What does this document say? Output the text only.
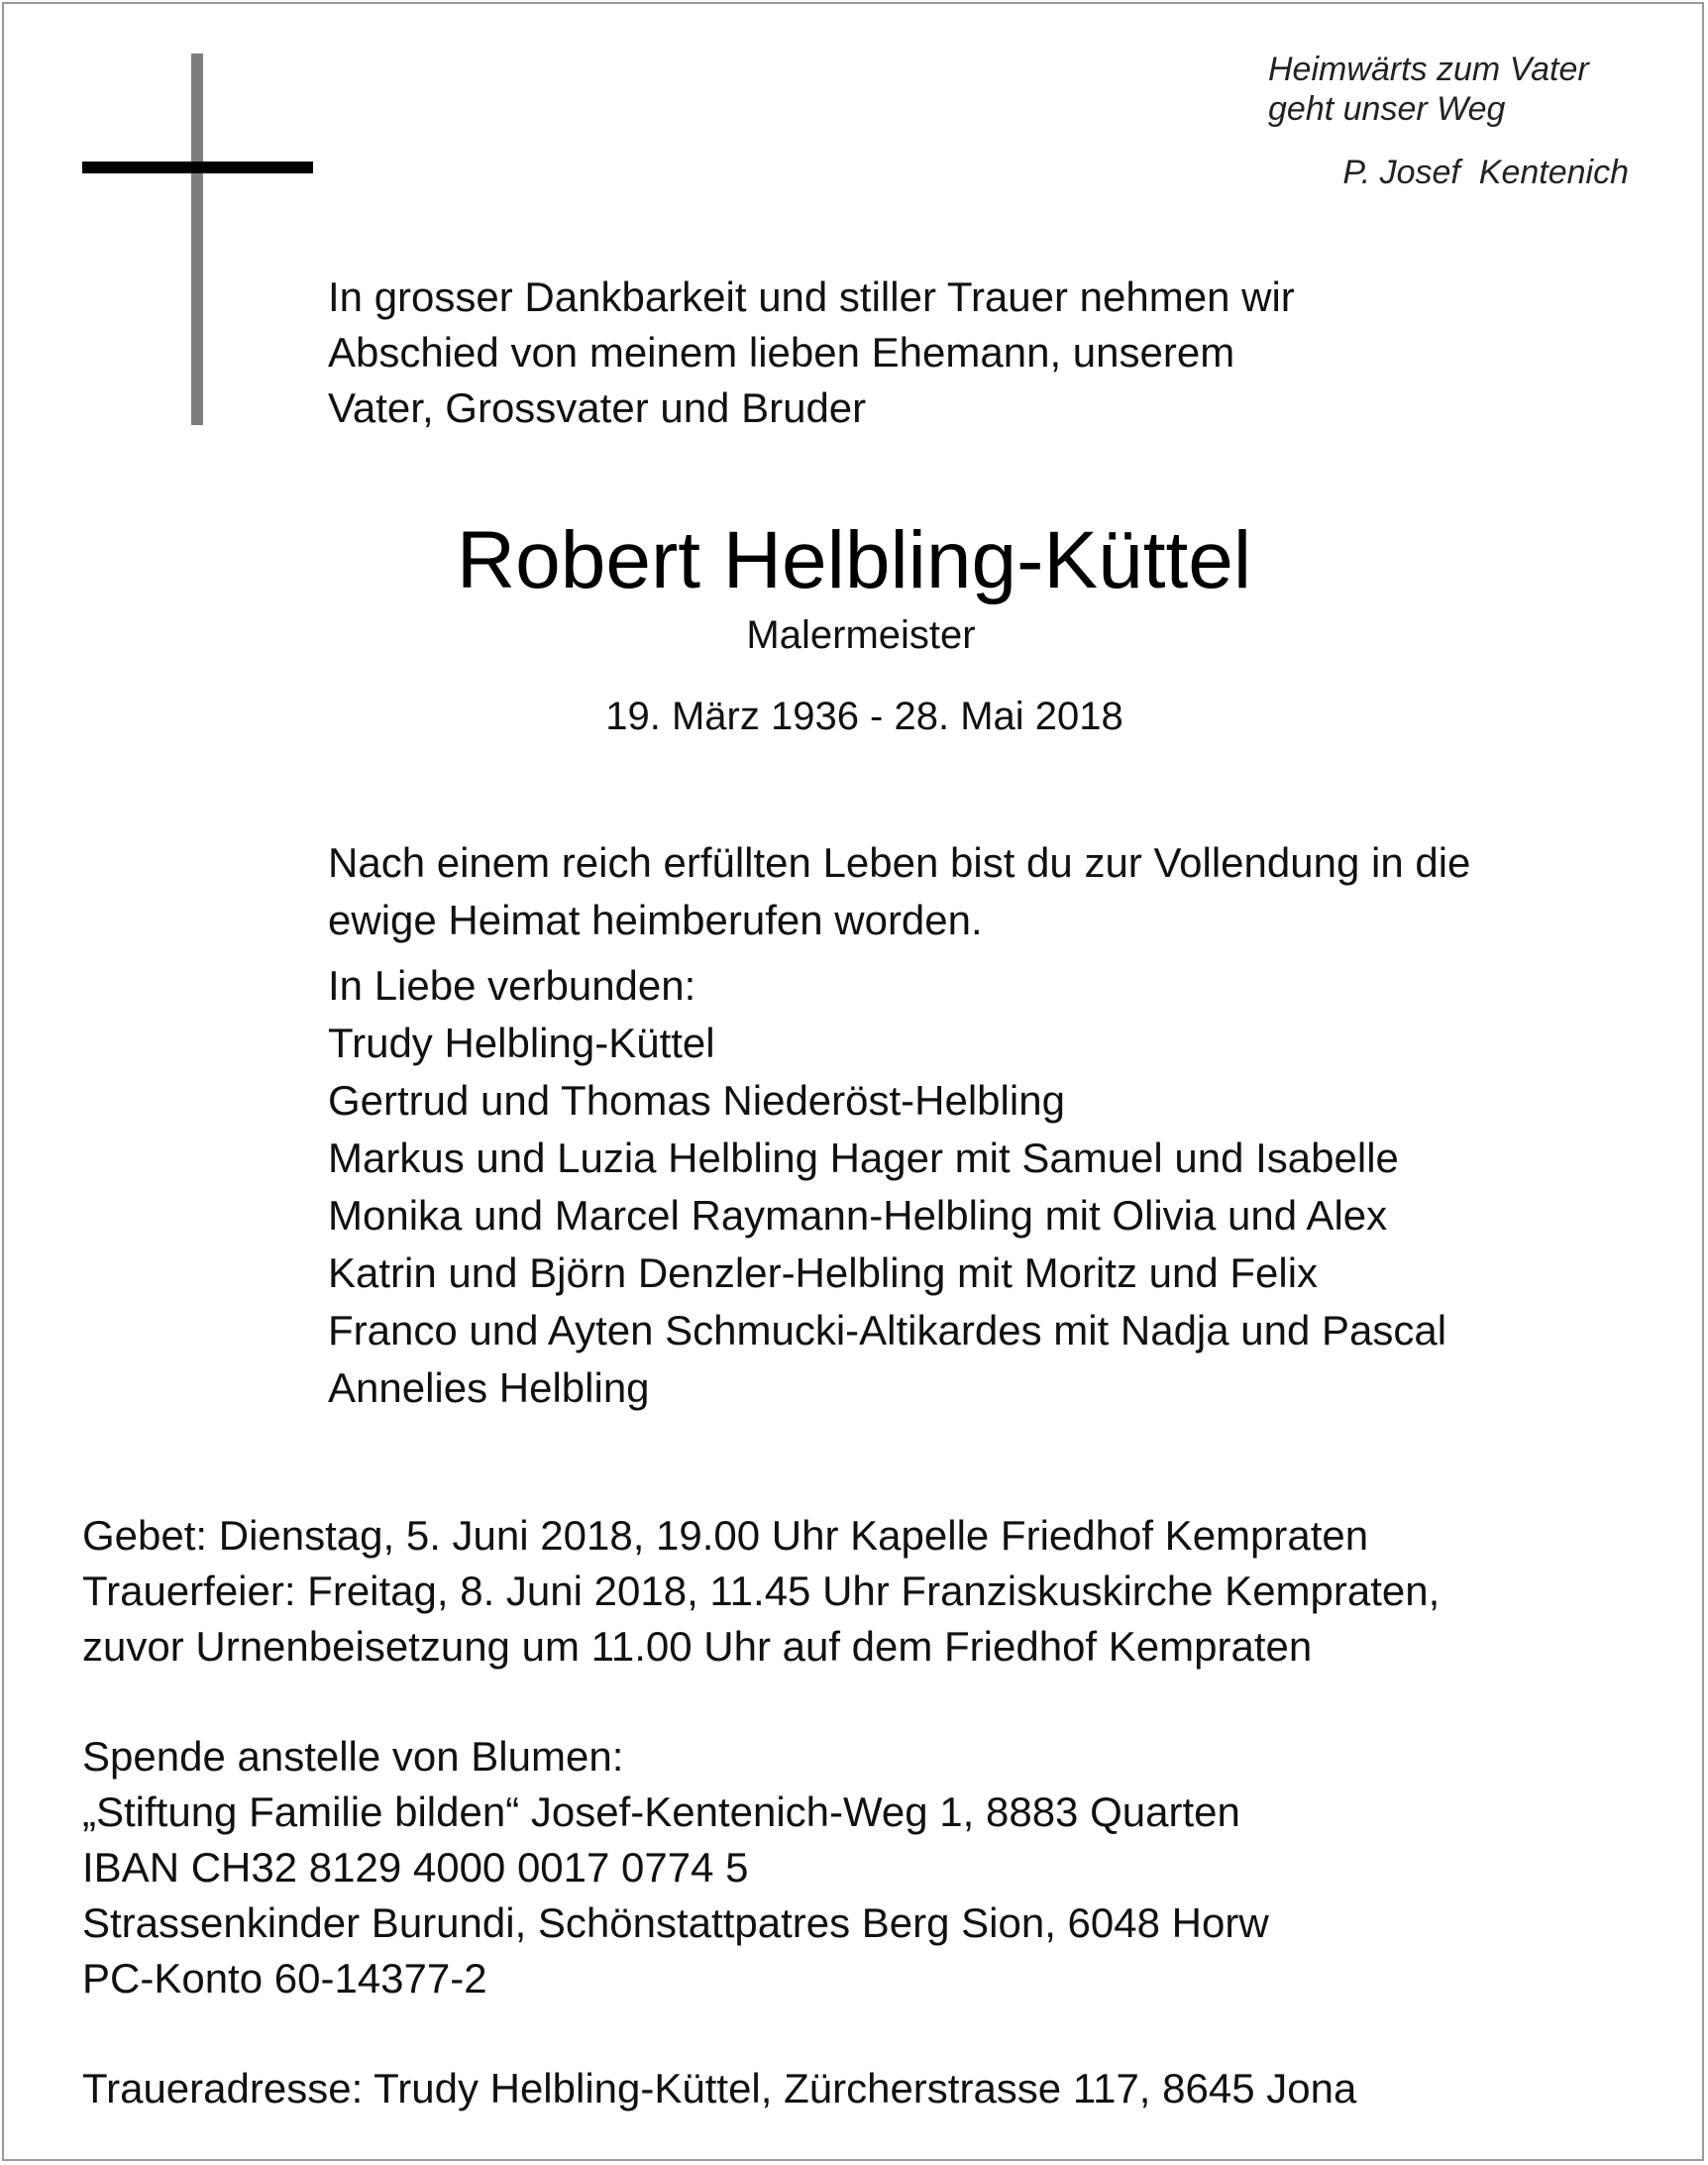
Heimwärts zum Vater
geht unser Weg
P. Josef  Kentenich
In grosser Dankbarkeit und stiller Trauer nehmen wir
Abschied von meinem lieben Ehemann, unserem
Vater, Grossvater und Bruder
Robert Helbling-Küttel
Malermeister
19. März 1936 - 28. Mai 2018
Nach einem reich erfüllten Leben bist du zur Vollendung in die
ewige Heimat heimberufen worden.
In Liebe verbunden:
Trudy Helbling-Küttel
Gertrud und Thomas Niederöst-Helbling
Markus und Luzia Helbling Hager mit Samuel und Isabelle
Monika und Marcel Raymann-Helbling mit Olivia und Alex
Katrin und Björn Denzler-Helbling mit Moritz und Felix
Franco und Ayten Schmucki-Altikardes mit Nadja und Pascal
Annelies Helbling
Gebet: Dienstag, 5. Juni 2018, 19.00 Uhr Kapelle Friedhof Kempraten
Trauerfeier: Freitag, 8. Juni 2018, 11.45 Uhr Franziskuskirche Kempraten,
zuvor Urnenbeisetzung um 11.00 Uhr auf dem Friedhof Kempraten
Spende anstelle von Blumen:
„Stiftung Familie bilden“ Josef-Kentenich-Weg 1, 8883 Quarten
IBAN CH32 8129 4000 0017 0774 5
Strassenkinder Burundi, Schönstattpatres Berg Sion, 6048 Horw
PC-Konto 60-14377-2
Traueradresse: Trudy Helbling-Küttel, Zürcherstrasse 117, 8645 Jona
